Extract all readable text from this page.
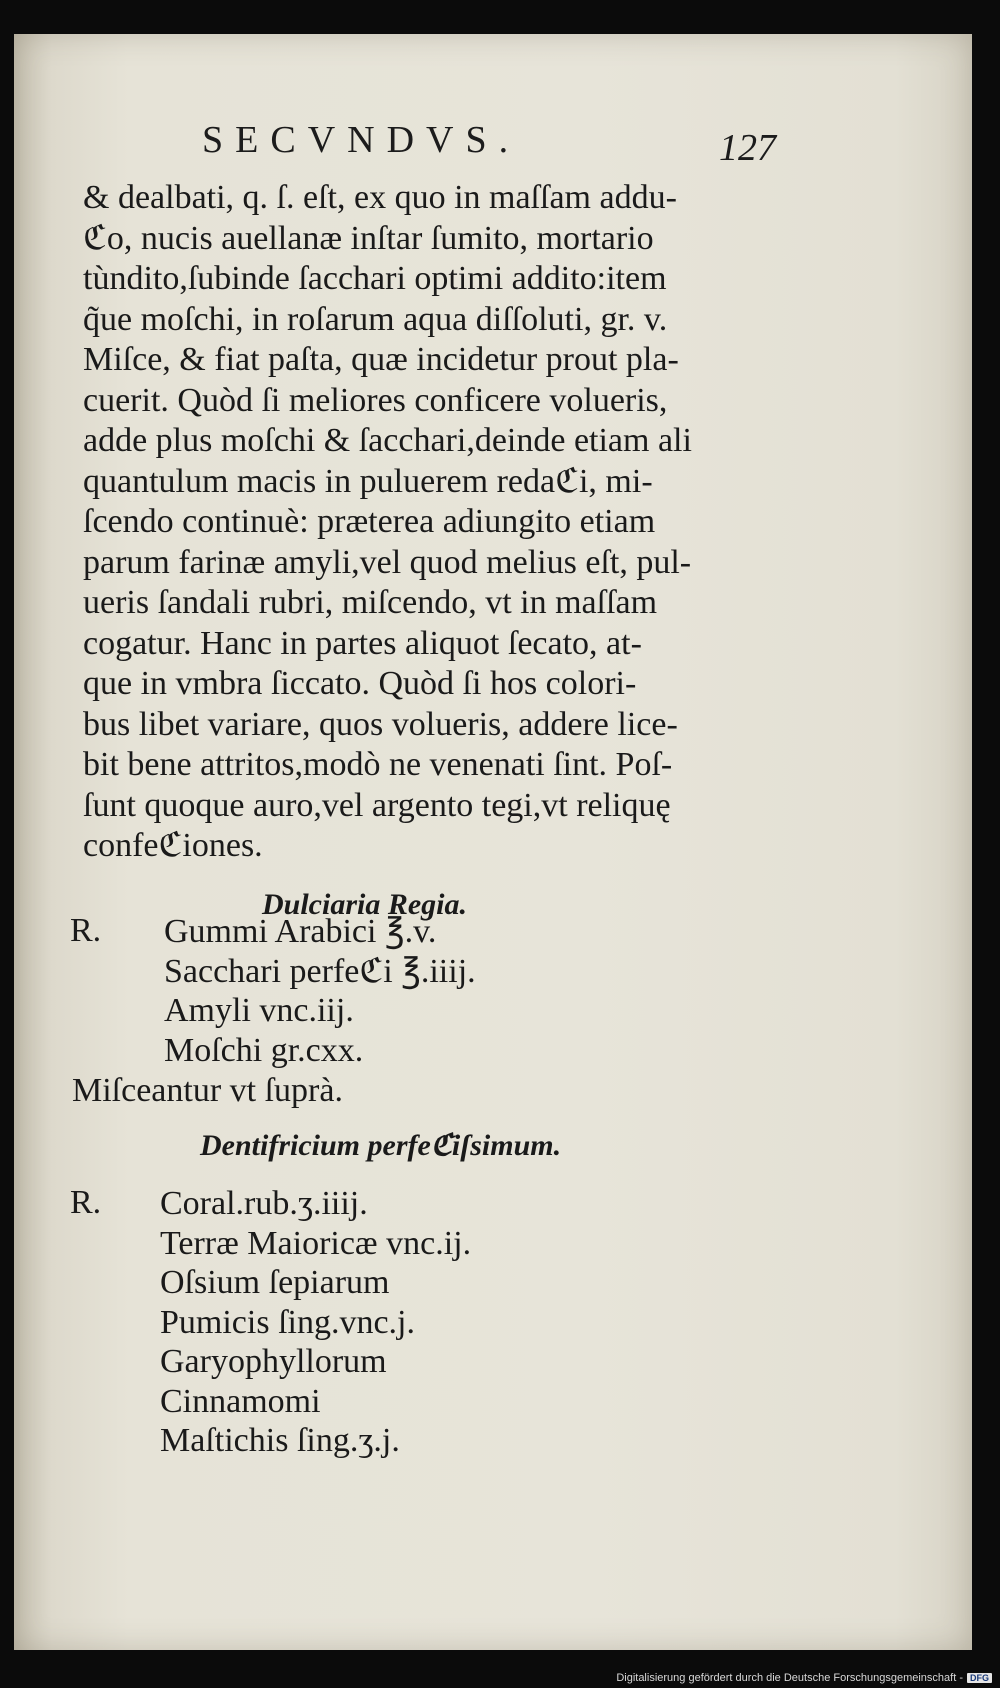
SECVNDVS.	127
& dealbati, q. ſ. eſt, ex quo in maſſam addu-
ℭo, nucis auellanæ inſtar ſumito, mortario
tùndito,ſubinde ſacchari optimi addito:item
q̃ue moſchi, in roſarum aqua diſſoluti, gr. v.
Miſce, & fiat paſta, quæ incidetur prout pla-
cuerit. Quòd ſi meliores conficere volueris,
adde plus moſchi & ſacchari,deinde etiam ali
quantulum macis in puluerem redaℭi, mi-
ſcendo continuè: præterea adiungito etiam
parum farinæ amyli,vel quod melius eſt, pul-
ueris ſandali rubri, miſcendo, vt in maſſam
cogatur. Hanc in partes aliquot ſecato, at-
que in vmbra ſiccato. Quòd ſi hos colori-
bus libet variare, quos volueris, addere lice-
bit bene attritos,modò ne venenati ſint. Poſ-
ſunt quoque auro,vel argento tegi,vt reliquę
confeℭiones.
Dulciaria Regia.
R. Gummi Arabici ℥.v.
Sacchari perfeℭi ℥.iiij.
Amyli vnc.iij.
Moſchi gr.cxx.
Miſceantur vt ſuprà.
Dentifricium perfeℭiſsimum.
R. Coral.rub.ʒ.iiij.
Terræ Maioricæ vnc.ij.
Oſsium ſepiarum
Pumicis ſing.vnc.j.
Garyophyllorum
Cinnamomi
Maſtichis ſing.ʒ.j.
Digitalisierung gefördert durch die Deutsche Forschungsgemeinschaft - DFG
